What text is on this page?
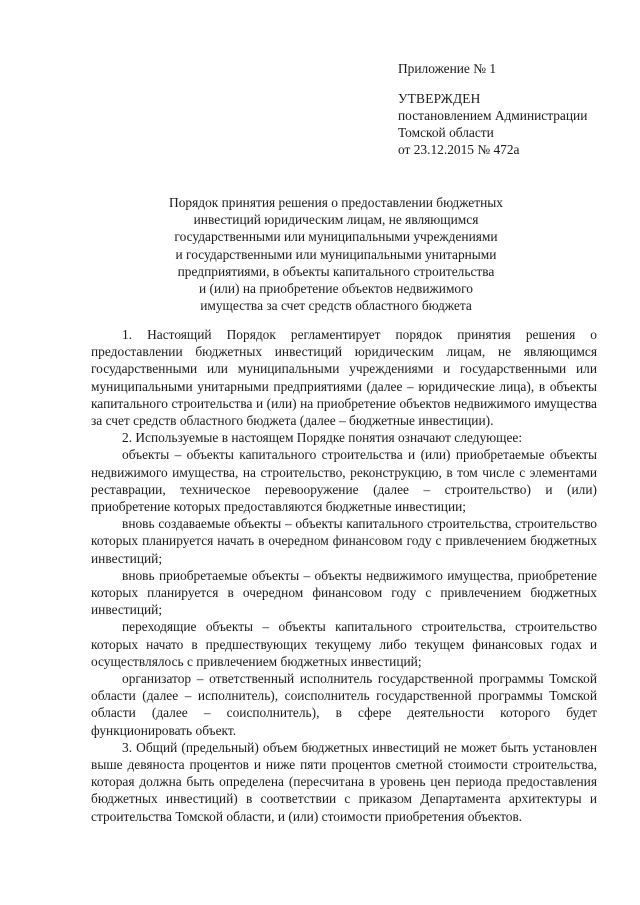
Приложение № 1
УТВЕРЖДЕН
постановлением Администрации
Томской области
от 23.12.2015 № 472а
Порядок принятия решения о предоставлении бюджетных
инвестиций юридическим лицам, не являющимся
государственными или муниципальными учреждениями
и государственными или муниципальными унитарными
предприятиями, в объекты капитального строительства
и (или) на приобретение объектов недвижимого
имущества за счет средств областного бюджета

1. Настоящий Порядок регламентирует порядок принятия решения о предоставлении бюджетных инвестиций юридическим лицам, не являющимся государственными или муниципальными учреждениями и государственными или муниципальными унитарными предприятиями (далее – юридические лица), в объекты капитального строительства и (или) на приобретение объектов недвижимого имущества за счет средств областного бюджета (далее – бюджетные инвестиции).

2. Используемые в настоящем Порядке понятия означают следующее:

объекты – объекты капитального строительства и (или) приобретаемые объекты недвижимого имущества, на строительство, реконструкцию, в том числе с элементами реставрации, техническое перевооружение (далее – строительство) и (или) приобретение которых предоставляются бюджетные инвестиции;

вновь создаваемые объекты – объекты капитального строительства, строительство которых планируется начать в очередном финансовом году с привлечением бюджетных инвестиций;

вновь приобретаемые объекты – объекты недвижимого имущества, приобретение которых планируется в очередном финансовом году с привлечением бюджетных инвестиций;

переходящие объекты – объекты капитального строительства, строительство которых начато в предшествующих текущему либо текущем финансовых годах и осуществлялось с привлечением бюджетных инвестиций;

организатор – ответственный исполнитель государственной программы Томской области (далее – исполнитель), соисполнитель государственной программы Томской области (далее – соисполнитель), в сфере деятельности которого будет функционировать объект.

3. Общий (предельный) объем бюджетных инвестиций не может быть установлен выше девяноста процентов и ниже пяти процентов сметной стоимости строительства, которая должна быть определена (пересчитана в уровень цен периода предоставления бюджетных инвестиций) в соответствии с приказом Департамента архитектуры и строительства Томской области, и (или) стоимости приобретения объектов.
